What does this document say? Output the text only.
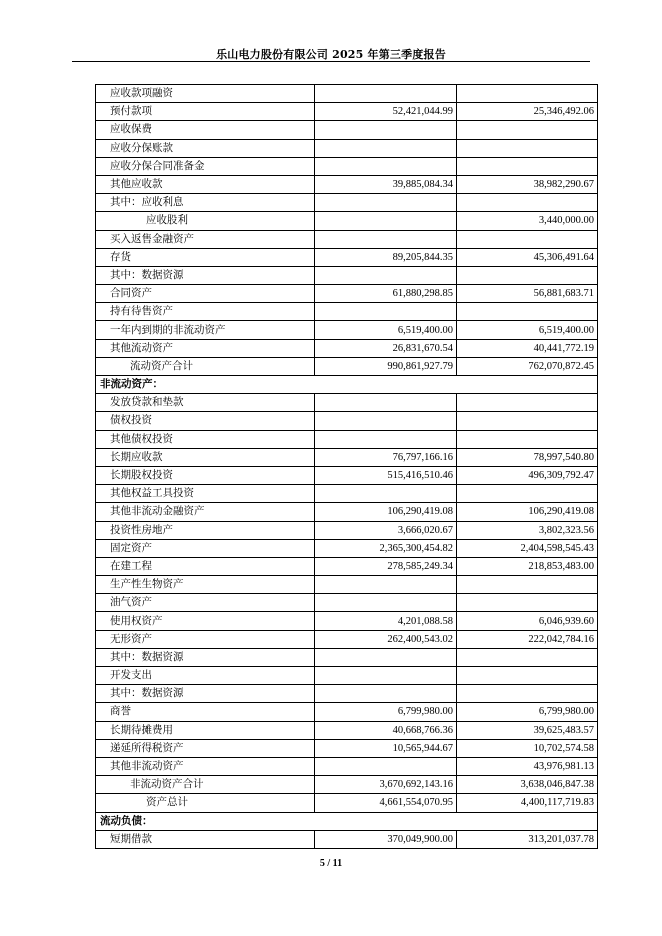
乐山电力股份有限公司 2025 年第三季度报告
应收款项融资		
预付款项	52,421,044.99	25,346,492.06
应收保费		
应收分保账款		
应收分保合同准备金		
其他应收款	39,885,084.34	38,982,290.67
其中：应收利息		
应收股利		3,440,000.00
买入返售金融资产		
存货	89,205,844.35	45,306,491.64
其中：数据资源		
合同资产	61,880,298.85	56,881,683.71
持有待售资产		
一年内到期的非流动资产	6,519,400.00	6,519,400.00
其他流动资产	26,831,670.54	40,441,772.19
流动资产合计	990,861,927.79	762,070,872.45
非流动资产：		
发放贷款和垫款		
债权投资		
其他债权投资		
长期应收款	76,797,166.16	78,997,540.80
长期股权投资	515,416,510.46	496,309,792.47
其他权益工具投资		
其他非流动金融资产	106,290,419.08	106,290,419.08
投资性房地产	3,666,020.67	3,802,323.56
固定资产	2,365,300,454.82	2,404,598,545.43
在建工程	278,585,249.34	218,853,483.00
生产性生物资产		
油气资产		
使用权资产	4,201,088.58	6,046,939.60
无形资产	262,400,543.02	222,042,784.16
其中：数据资源		
开发支出		
其中：数据资源		
商誉	6,799,980.00	6,799,980.00
长期待摊费用	40,668,766.36	39,625,483.57
递延所得税资产	10,565,944.67	10,702,574.58
其他非流动资产		43,976,981.13
非流动资产合计	3,670,692,143.16	3,638,046,847.38
资产总计	4,661,554,070.95	4,400,117,719.83
流动负债：		
短期借款	370,049,900.00	313,201,037.78
5 / 11
